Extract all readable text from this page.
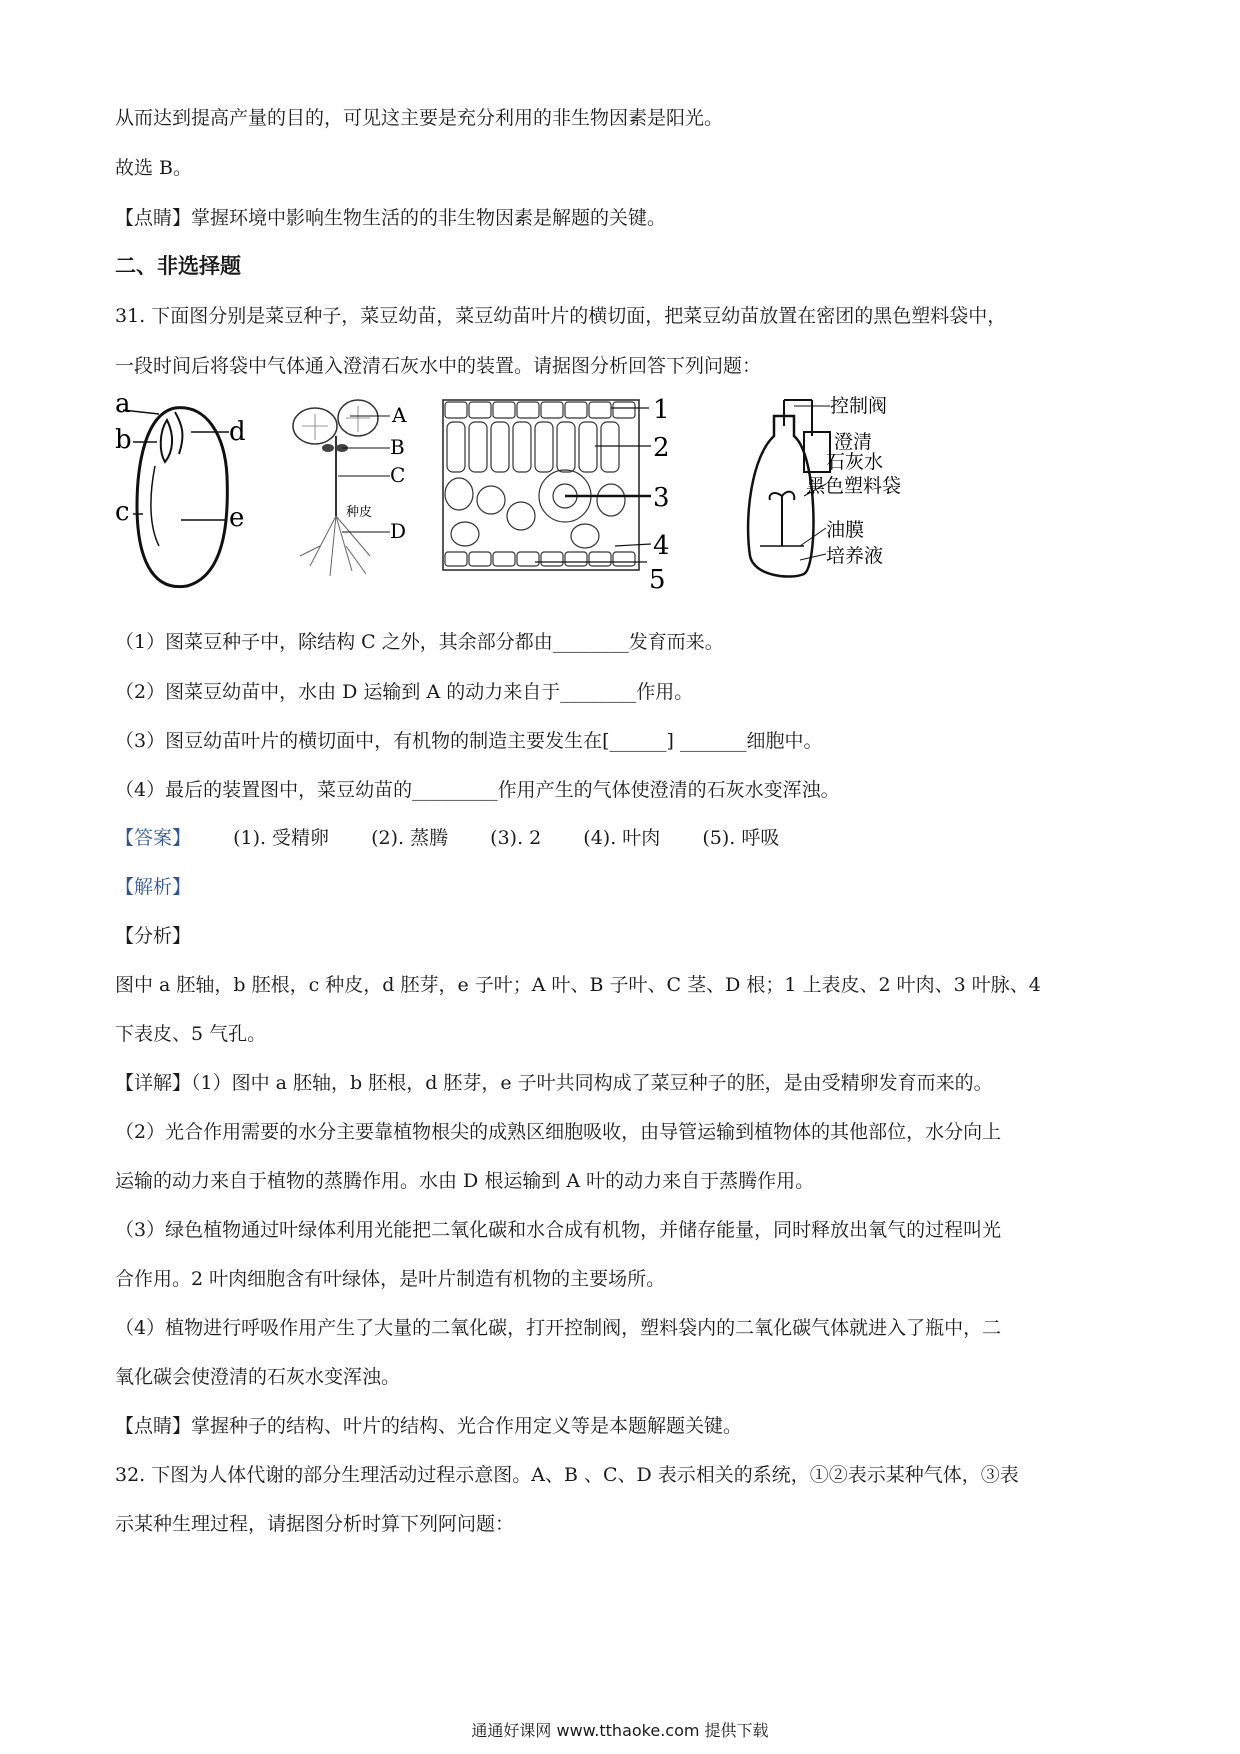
从而达到提高产量的目的，可见这主要是充分利用的非生物因素是阳光。
故选 B。
【点睛】掌握环境中影响生物生活的的非生物因素是解题的关键。
二、非选择题
31. 下面图分别是菜豆种子，菜豆幼苗，菜豆幼苗叶片的横切面，把菜豆幼苗放置在密团的黑色塑料袋中，
一段时间后将袋中气体通入澄清石灰水中的装置。请据图分析回答下列问题：
a
b
c
d
e
A
B
C
D
种皮
1
2
3
4
5
控制阀
澄清
石灰水
黑色塑料袋
油膜
培养液
（1）图菜豆种子中，除结构 C 之外，其余部分都由________发育而来。
（2）图菜豆幼苗中，水由 D 运输到 A 的动力来自于________作用。
（3）图豆幼苗叶片的横切面中，有机物的制造主要发生在[______] _______细胞中。
（4）最后的装置图中，菜豆幼苗的_________作用产生的气体使澄清的石灰水变浑浊。
【答案】 (1). 受精卵 (2). 蒸腾 (3). 2 (4). 叶肉 (5). 呼吸
【解析】
【分析】
图中 a 胚轴，b 胚根，c 种皮，d 胚芽，e 子叶；A 叶、B 子叶、C 茎、D 根；1 上表皮、2 叶肉、3 叶脉、4
下表皮、5 气孔。
【详解】（1）图中 a 胚轴，b 胚根，d 胚芽，e 子叶共同构成了菜豆种子的胚，是由受精卵发育而来的。
（2）光合作用需要的水分主要靠植物根尖的成熟区细胞吸收，由导管运输到植物体的其他部位，水分向上
运输的动力来自于植物的蒸腾作用。水由 D 根运输到 A 叶的动力来自于蒸腾作用。
（3）绿色植物通过叶绿体利用光能把二氧化碳和水合成有机物，并储存能量，同时释放出氧气的过程叫光
合作用。2 叶肉细胞含有叶绿体，是叶片制造有机物的主要场所。
（4）植物进行呼吸作用产生了大量的二氧化碳，打开控制阀，塑料袋内的二氧化碳气体就进入了瓶中，二
氧化碳会使澄清的石灰水变浑浊。
【点睛】掌握种子的结构、叶片的结构、光合作用定义等是本题解题关键。
32. 下图为人体代谢的部分生理活动过程示意图。A、B 、C、D 表示相关的系统，①②表示某种气体，③表
示某种生理过程，请据图分析时算下列阿问题：
通通好课网 www.tthaoke.com 提供下载
